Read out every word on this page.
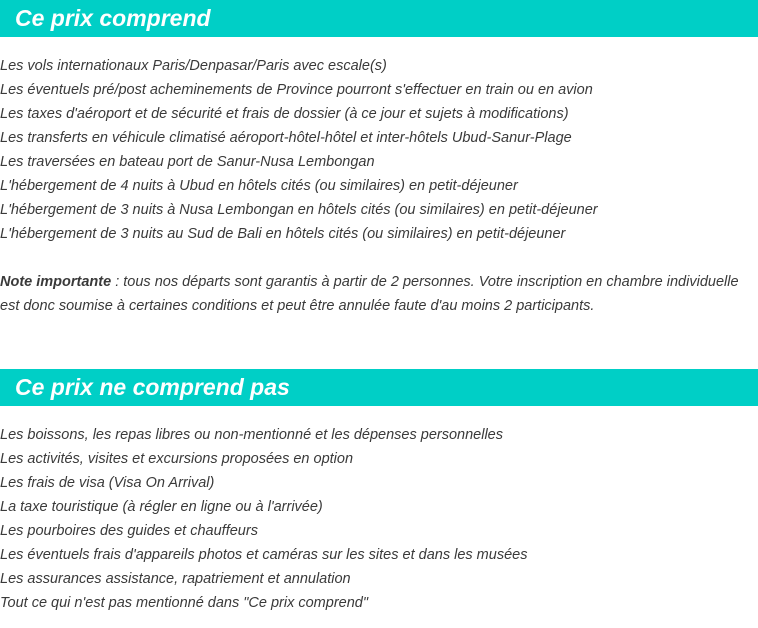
Ce prix comprend
Les vols internationaux Paris/Denpasar/Paris avec escale(s)
Les éventuels pré/post acheminements de Province pourront s'effectuer en train ou en avion
Les taxes d'aéroport et de sécurité et frais de dossier (à ce jour et sujets à modifications)
Les transferts en véhicule climatisé aéroport-hôtel-hôtel et inter-hôtels Ubud-Sanur-Plage
Les traversées en bateau port de Sanur-Nusa Lembongan
L'hébergement de 4 nuits à Ubud en hôtels cités (ou similaires) en petit-déjeuner
L'hébergement de 3 nuits à Nusa Lembongan en hôtels cités (ou similaires) en petit-déjeuner
L'hébergement de 3 nuits au Sud de Bali en hôtels cités (ou similaires) en petit-déjeuner
Note importante : tous nos départs sont garantis à partir de 2 personnes. Votre inscription en chambre individuelle est donc soumise à certaines conditions et peut être annulée faute d'au moins 2 participants.
Ce prix ne comprend pas
Les boissons, les repas libres ou non-mentionné et les dépenses personnelles
Les activités, visites et excursions proposées en option
Les frais de visa (Visa On Arrival)
La taxe touristique (à régler en ligne ou à l'arrivée)
Les pourboires des guides et chauffeurs
Les éventuels frais d'appareils photos et caméras sur les sites et dans les musées
Les assurances assistance, rapatriement et annulation
Tout ce qui n'est pas mentionné dans "Ce prix comprend"
